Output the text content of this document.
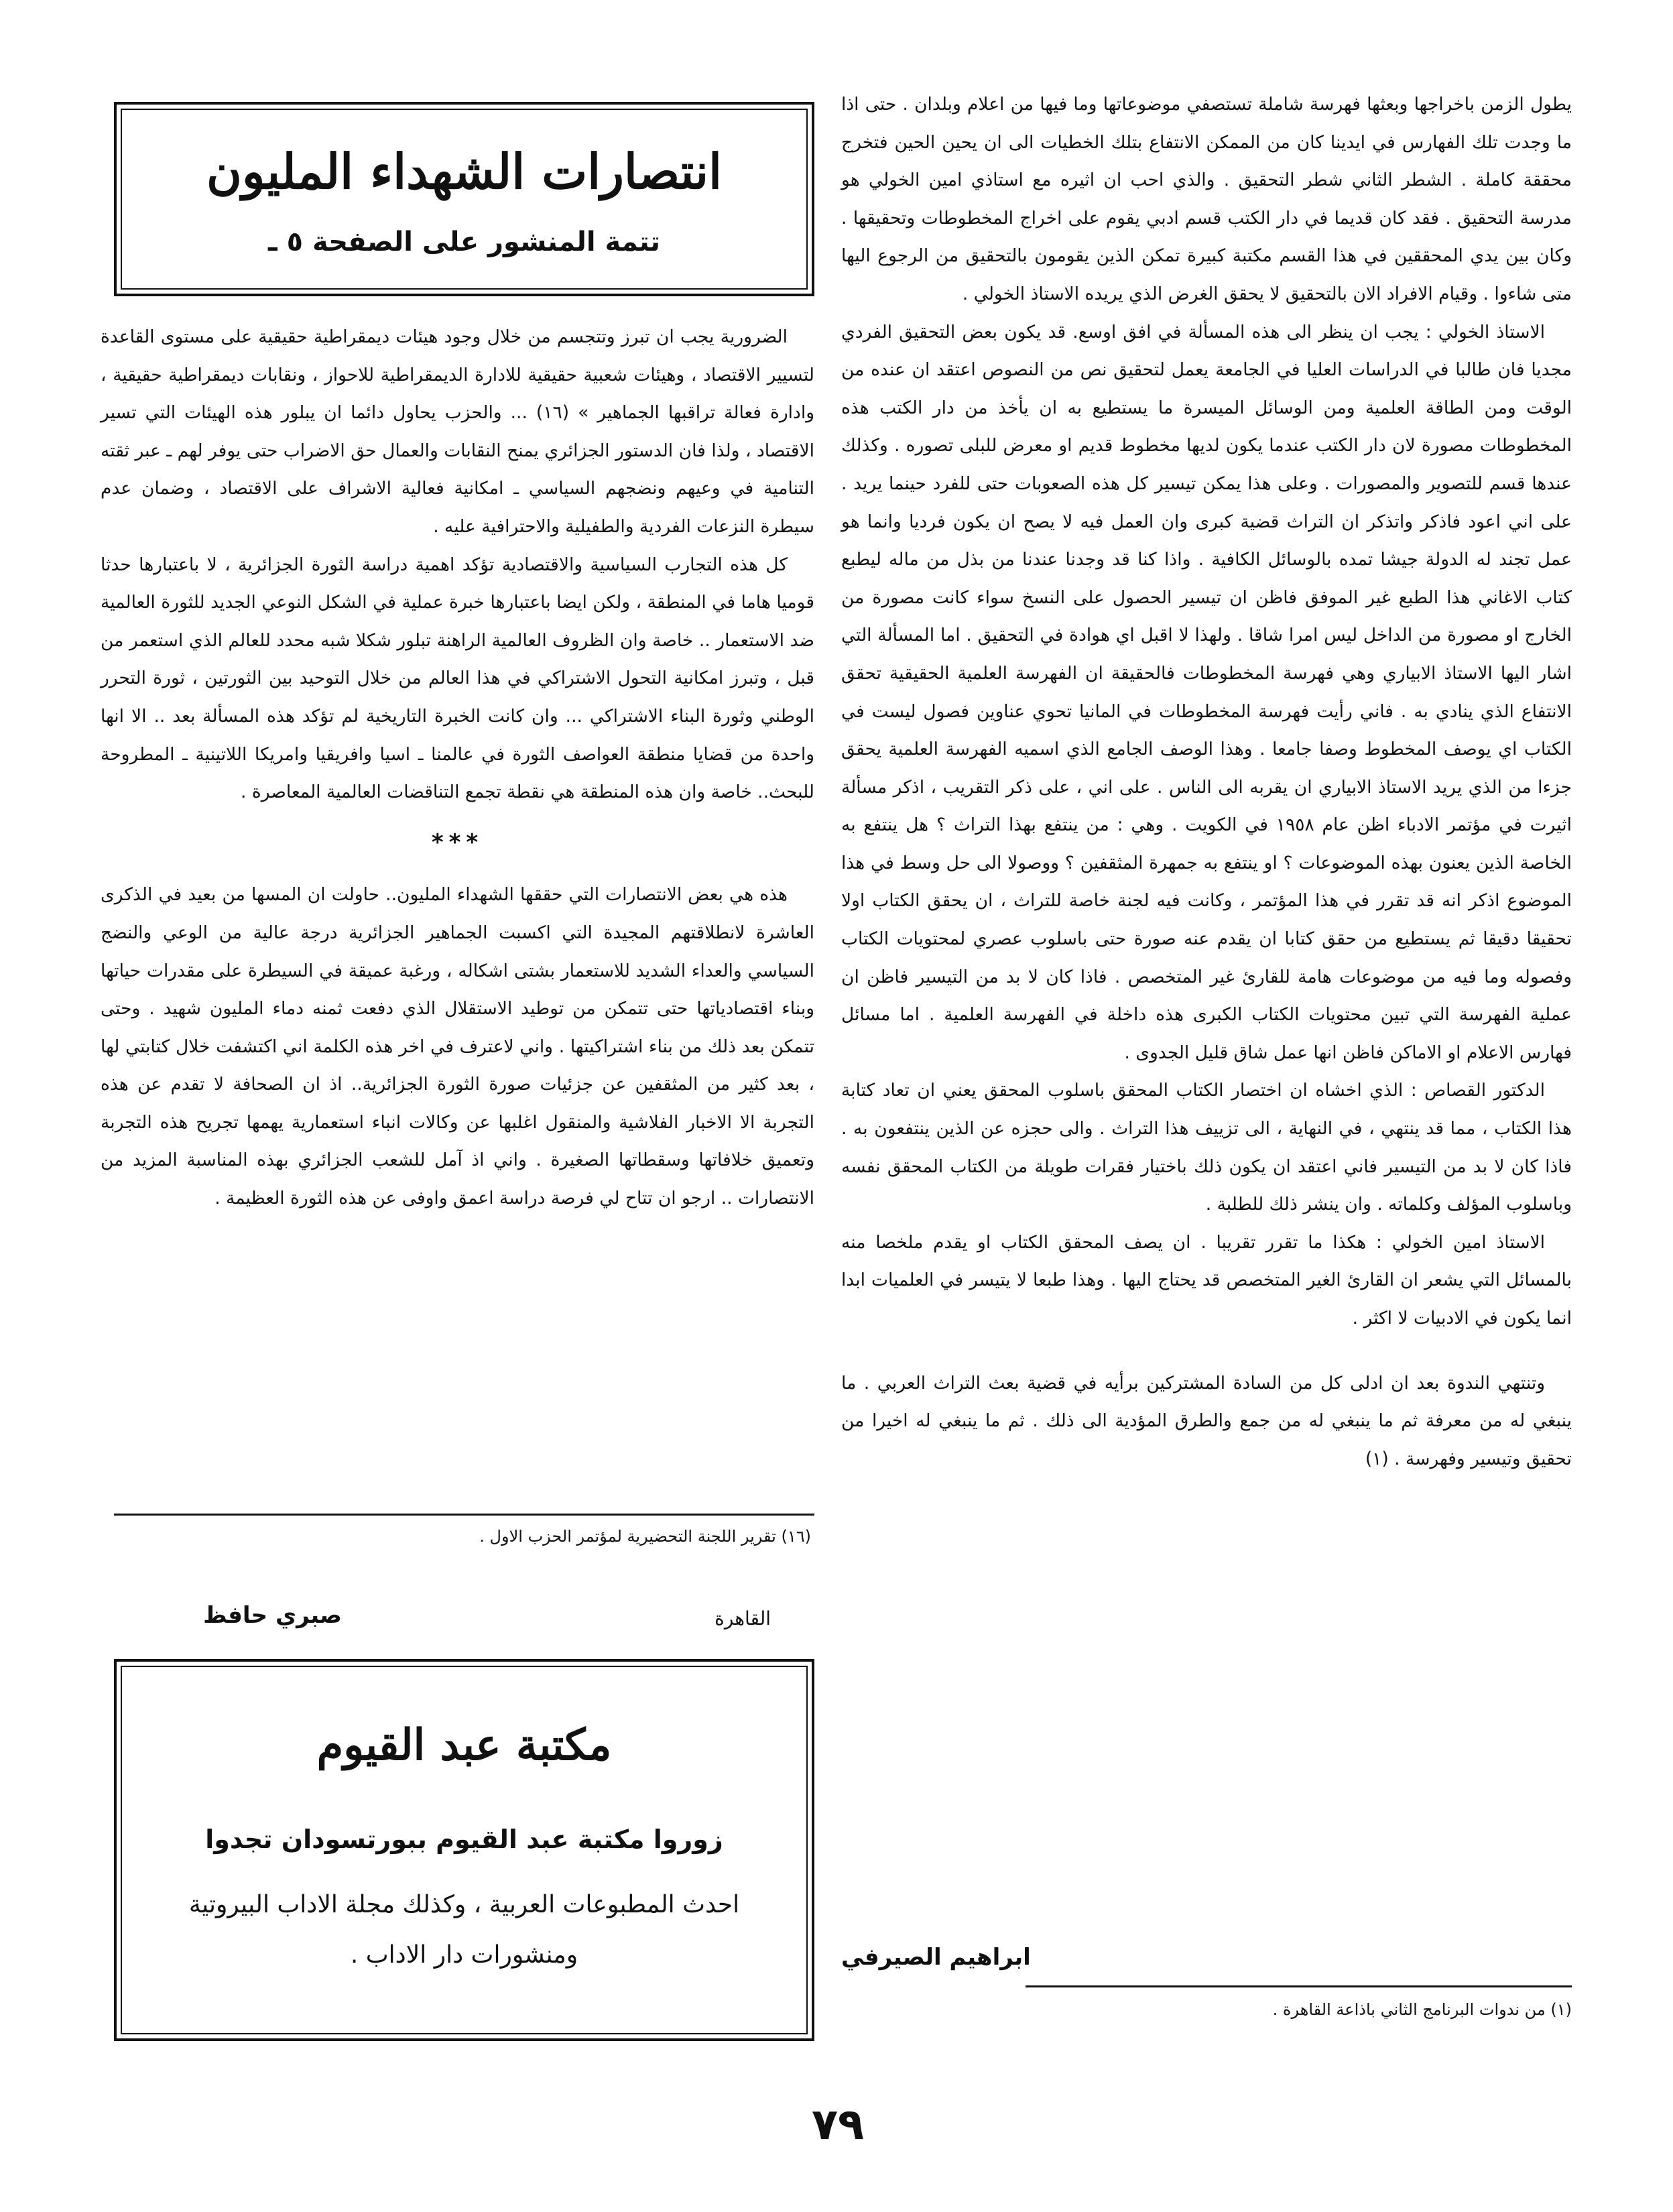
انتصارات الشهداء المليون
تتمة المنشور على الصفحة ٥ ـ

الضرورية يجب ان تبرز وتتجسم من خلال وجود هيئات ديمقراطية حقيقية على مستوى القاعدة لتسيير الاقتصاد ، وهيئات شعبية حقيقية للادارة الديمقراطية للاحواز ، ونقابات ديمقراطية حقيقية ، وادارة فعالة تراقبها الجماهير » (١٦) ... والحزب يحاول دائما ان يبلور هذه الهيئات التي تسير الاقتصاد ، ولذا فان الدستور الجزائري يمنح النقابات والعمال حق الاضراب حتى يوفر لهم ـ عبر ثقته التنامية في وعيهم ونضجهم السياسي ـ امكانية فعالية الاشراف على الاقتصاد ، وضمان عدم سيطرة النزعات الفردية والطفيلية والاحترافية عليه .

كل هذه التجارب السياسية والاقتصادية تؤكد اهمية دراسة الثورة الجزائرية ، لا باعتبارها حدثا قوميا هاما في المنطقة ، ولكن ايضا باعتبارها خبرة عملية في الشكل النوعي الجديد للثورة العالمية ضد الاستعمار .. خاصة وان الظروف العالمية الراهنة تبلور شكلا شبه محدد للعالم الذي استعمر من قبل ، وتبرز امكانية التحول الاشتراكي في هذا العالم من خلال التوحيد بين الثورتين ، ثورة التحرر الوطني وثورة البناء الاشتراكي ... وان كانت الخبرة التاريخية لم تؤكد هذه المسألة بعد .. الا انها واحدة من قضايا منطقة العواصف الثورة في عالمنا ـ اسيا وافريقيا وامريكا اللاتينية ـ المطروحة للبحث.. خاصة وان هذه المنطقة هي نقطة تجمع التناقضات العالمية المعاصرة .

***

هذه هي بعض الانتصارات التي حققها الشهداء المليون.. حاولت ان المسها من بعيد في الذكرى العاشرة لانطلاقتهم المجيدة التي اكسبت الجماهير الجزائرية درجة عالية من الوعي والنضج السياسي والعداء الشديد للاستعمار بشتى اشكاله ، ورغبة عميقة في السيطرة على مقدرات حياتها وبناء اقتصادياتها حتى تتمكن من توطيد الاستقلال الذي دفعت ثمنه دماء المليون شهيد . وحتى تتمكن بعد ذلك من بناء اشتراكيتها . واني لاعترف في اخر هذه الكلمة اني اكتشفت خلال كتابتي لها ، بعد كثير من المثقفين عن جزئيات صورة الثورة الجزائرية.. اذ ان الصحافة لا تقدم عن هذه التجربة الا الاخبار الفلاشية والمنقول اغلبها عن وكالات انباء استعمارية يهمها تجريح هذه التجربة وتعميق خلافاتها وسقطاتها الصغيرة . واني اذ آمل للشعب الجزائري بهذه المناسبة المزيد من الانتصارات .. ارجو ان تتاح لي فرصة دراسة اعمق واوفى عن هذه الثورة العظيمة .

(١٦) تقرير اللجنة التحضيرية لمؤتمر الحزب الاول .
القاهرة
صبري حافظ
مكتبة عبد القيوم
زوروا مكتبة عبد القيوم ببورتسودان تجدوا
احدث المطبوعات العربية ، وكذلك مجلة الاداب البيروتية ومنشورات دار الاداب .

يطول الزمن باخراجها وبعثها فهرسة شاملة تستصفي موضوعاتها وما فيها من اعلام وبلدان . حتى اذا ما وجدت تلك الفهارس في ايدينا كان من الممكن الانتفاع بتلك الخطيات الى ان يحين الحين فتخرج محققة كاملة . الشطر الثاني شطر التحقيق . والذي احب ان اثيره مع استاذي امين الخولي هو مدرسة التحقيق . فقد كان قديما في دار الكتب قسم ادبي يقوم على اخراج المخطوطات وتحقيقها . وكان بين يدي المحققين في هذا القسم مكتبة كبيرة تمكن الذين يقومون بالتحقيق من الرجوع اليها متى شاءوا . وقيام الافراد الان بالتحقيق لا يحقق الغرض الذي يريده الاستاذ الخولي .

الاستاذ الخولي : يجب ان ينظر الى هذه المسألة في افق اوسع. قد يكون بعض التحقيق الفردي مجديا فان طالبا في الدراسات العليا في الجامعة يعمل لتحقيق نص من النصوص اعتقد ان عنده من الوقت ومن الطاقة العلمية ومن الوسائل الميسرة ما يستطيع به ان يأخذ من دار الكتب هذه المخطوطات مصورة لان دار الكتب عندما يكون لديها مخطوط قديم او معرض للبلى تصوره . وكذلك عندها قسم للتصوير والمصورات . وعلى هذا يمكن تيسير كل هذه الصعوبات حتى للفرد حينما يريد . على اني اعود فاذكر واتذكر ان التراث قضية كبرى وان العمل فيه لا يصح ان يكون فرديا وانما هو عمل تجند له الدولة جيشا تمده بالوسائل الكافية . واذا كنا قد وجدنا عندنا من بذل من ماله ليطبع كتاب الاغاني هذا الطبع غير الموفق فاظن ان تيسير الحصول على النسخ سواء كانت مصورة من الخارج او مصورة من الداخل ليس امرا شاقا . ولهذا لا اقبل اي هوادة في التحقيق . اما المسألة التي اشار اليها الاستاذ الابياري وهي فهرسة المخطوطات فالحقيقة ان الفهرسة العلمية الحقيقية تحقق الانتفاع الذي ينادي به . فاني رأيت فهرسة المخطوطات في المانيا تحوي عناوين فصول ليست في الكتاب اي يوصف المخطوط وصفا جامعا . وهذا الوصف الجامع الذي اسميه الفهرسة العلمية يحقق جزءا من الذي يريد الاستاذ الابياري ان يقربه الى الناس . على اني ، على ذكر التقريب ، اذكر مسألة اثيرت في مؤتمر الادباء اظن عام ١٩٥٨ في الكويت . وهي : من ينتفع بهذا التراث ؟ هل ينتفع به الخاصة الذين يعنون بهذه الموضوعات ؟ او ينتفع به جمهرة المثقفين ؟ ووصولا الى حل وسط في هذا الموضوع اذكر انه قد تقرر في هذا المؤتمر ، وكانت فيه لجنة خاصة للتراث ، ان يحقق الكتاب اولا تحقيقا دقيقا ثم يستطيع من حقق كتابا ان يقدم عنه صورة حتى باسلوب عصري لمحتويات الكتاب وفصوله وما فيه من موضوعات هامة للقارئ غير المتخصص . فاذا كان لا بد من التيسير فاظن ان عملية الفهرسة التي تبين محتويات الكتاب الكبرى هذه داخلة في الفهرسة العلمية . اما مسائل فهارس الاعلام او الاماكن فاظن انها عمل شاق قليل الجدوى .

الدكتور القصاص : الذي اخشاه ان اختصار الكتاب المحقق باسلوب المحقق يعني ان تعاد كتابة هذا الكتاب ، مما قد ينتهي ، في النهاية ، الى تزييف هذا التراث . والى حجزه عن الذين ينتفعون به . فاذا كان لا بد من التيسير فاني اعتقد ان يكون ذلك باختيار فقرات طويلة من الكتاب المحقق نفسه وباسلوب المؤلف وكلماته . وان ينشر ذلك للطلبة .

الاستاذ امين الخولي : هكذا ما تقرر تقريبا . ان يصف المحقق الكتاب او يقدم ملخصا منه بالمسائل التي يشعر ان القارئ الغير المتخصص قد يحتاج اليها . وهذا طبعا لا يتيسر في العلميات ابدا انما يكون في الادبيات لا اكثر .

وتنتهي الندوة بعد ان ادلى كل من السادة المشتركين برأيه في قضية بعث التراث العربي . ما ينبغي له من معرفة ثم ما ينبغي له من جمع والطرق المؤدية الى ذلك . ثم ما ينبغي له اخيرا من تحقيق وتيسير وفهرسة . (١)

ابراهيم الصيرفي
(١) من ندوات البرنامج الثاني باذاعة القاهرة .
٧٩
